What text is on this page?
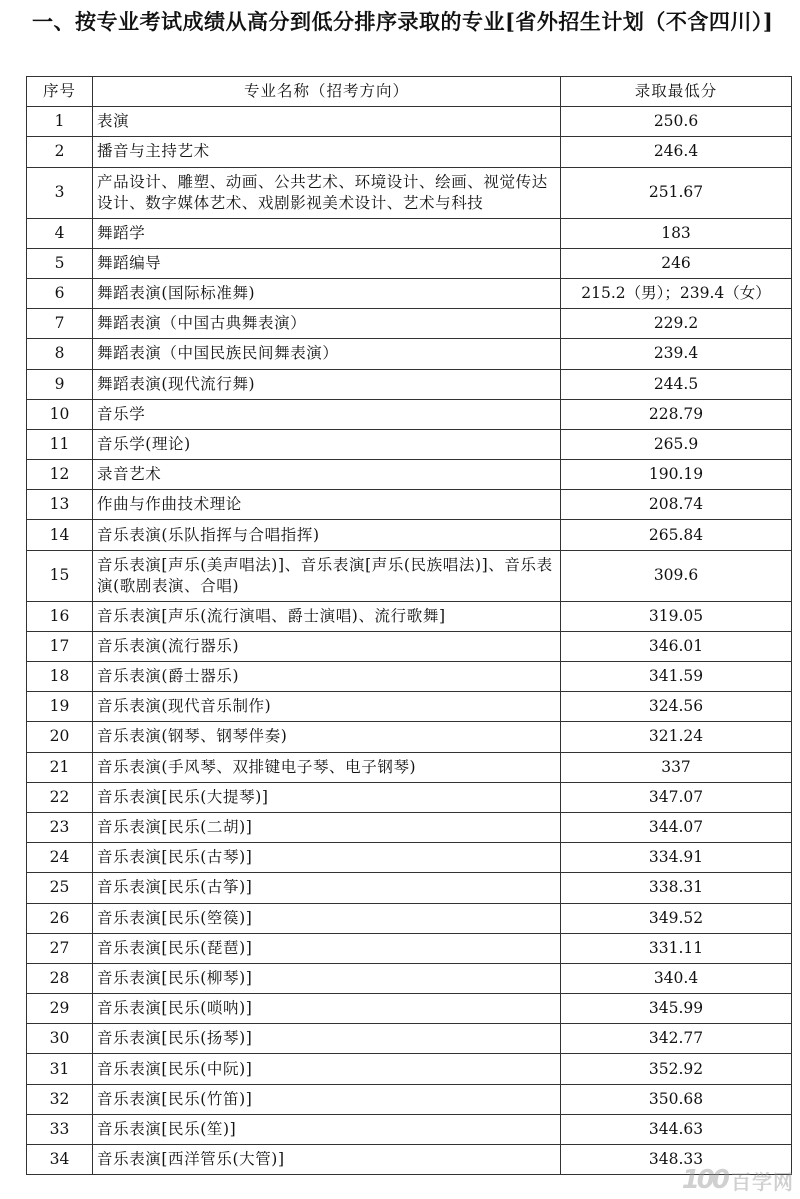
一、按专业考试成绩从高分到低分排序录取的专业[省外招生计划（不含四川）]
序号	专业名称（招考方向）	录取最低分
1	表演	250.6
2	播音与主持艺术	246.4
3	产品设计、雕塑、动画、公共艺术、环境设计、绘画、视觉传达设计、数字媒体艺术、戏剧影视美术设计、艺术与科技	251.67
4	舞蹈学	183
5	舞蹈编导	246
6	舞蹈表演(国际标准舞)	215.2（男）；239.4（女）
7	舞蹈表演（中国古典舞表演）	229.2
8	舞蹈表演（中国民族民间舞表演）	239.4
9	舞蹈表演(现代流行舞)	244.5
10	音乐学	228.79
11	音乐学(理论)	265.9
12	录音艺术	190.19
13	作曲与作曲技术理论	208.74
14	音乐表演(乐队指挥与合唱指挥)	265.84
15	音乐表演[声乐(美声唱法)]、音乐表演[声乐(民族唱法)]、音乐表演(歌剧表演、合唱)	309.6
16	音乐表演[声乐(流行演唱、爵士演唱)、流行歌舞]	319.05
17	音乐表演(流行器乐)	346.01
18	音乐表演(爵士器乐)	341.59
19	音乐表演(现代音乐制作)	324.56
20	音乐表演(钢琴、钢琴伴奏)	321.24
21	音乐表演(手风琴、双排键电子琴、电子钢琴)	337
22	音乐表演[民乐(大提琴)]	347.07
23	音乐表演[民乐(二胡)]	344.07
24	音乐表演[民乐(古琴)]	334.91
25	音乐表演[民乐(古筝)]	338.31
26	音乐表演[民乐(箜篌)]	349.52
27	音乐表演[民乐(琵琶)]	331.11
28	音乐表演[民乐(柳琴)]	340.4
29	音乐表演[民乐(唢呐)]	345.99
30	音乐表演[民乐(扬琴)]	342.77
31	音乐表演[民乐(中阮)]	352.92
32	音乐表演[民乐(竹笛)]	350.68
33	音乐表演[民乐(笙)]	344.63
34	音乐表演[西洋管乐(大管)]	348.33
100 百学网
